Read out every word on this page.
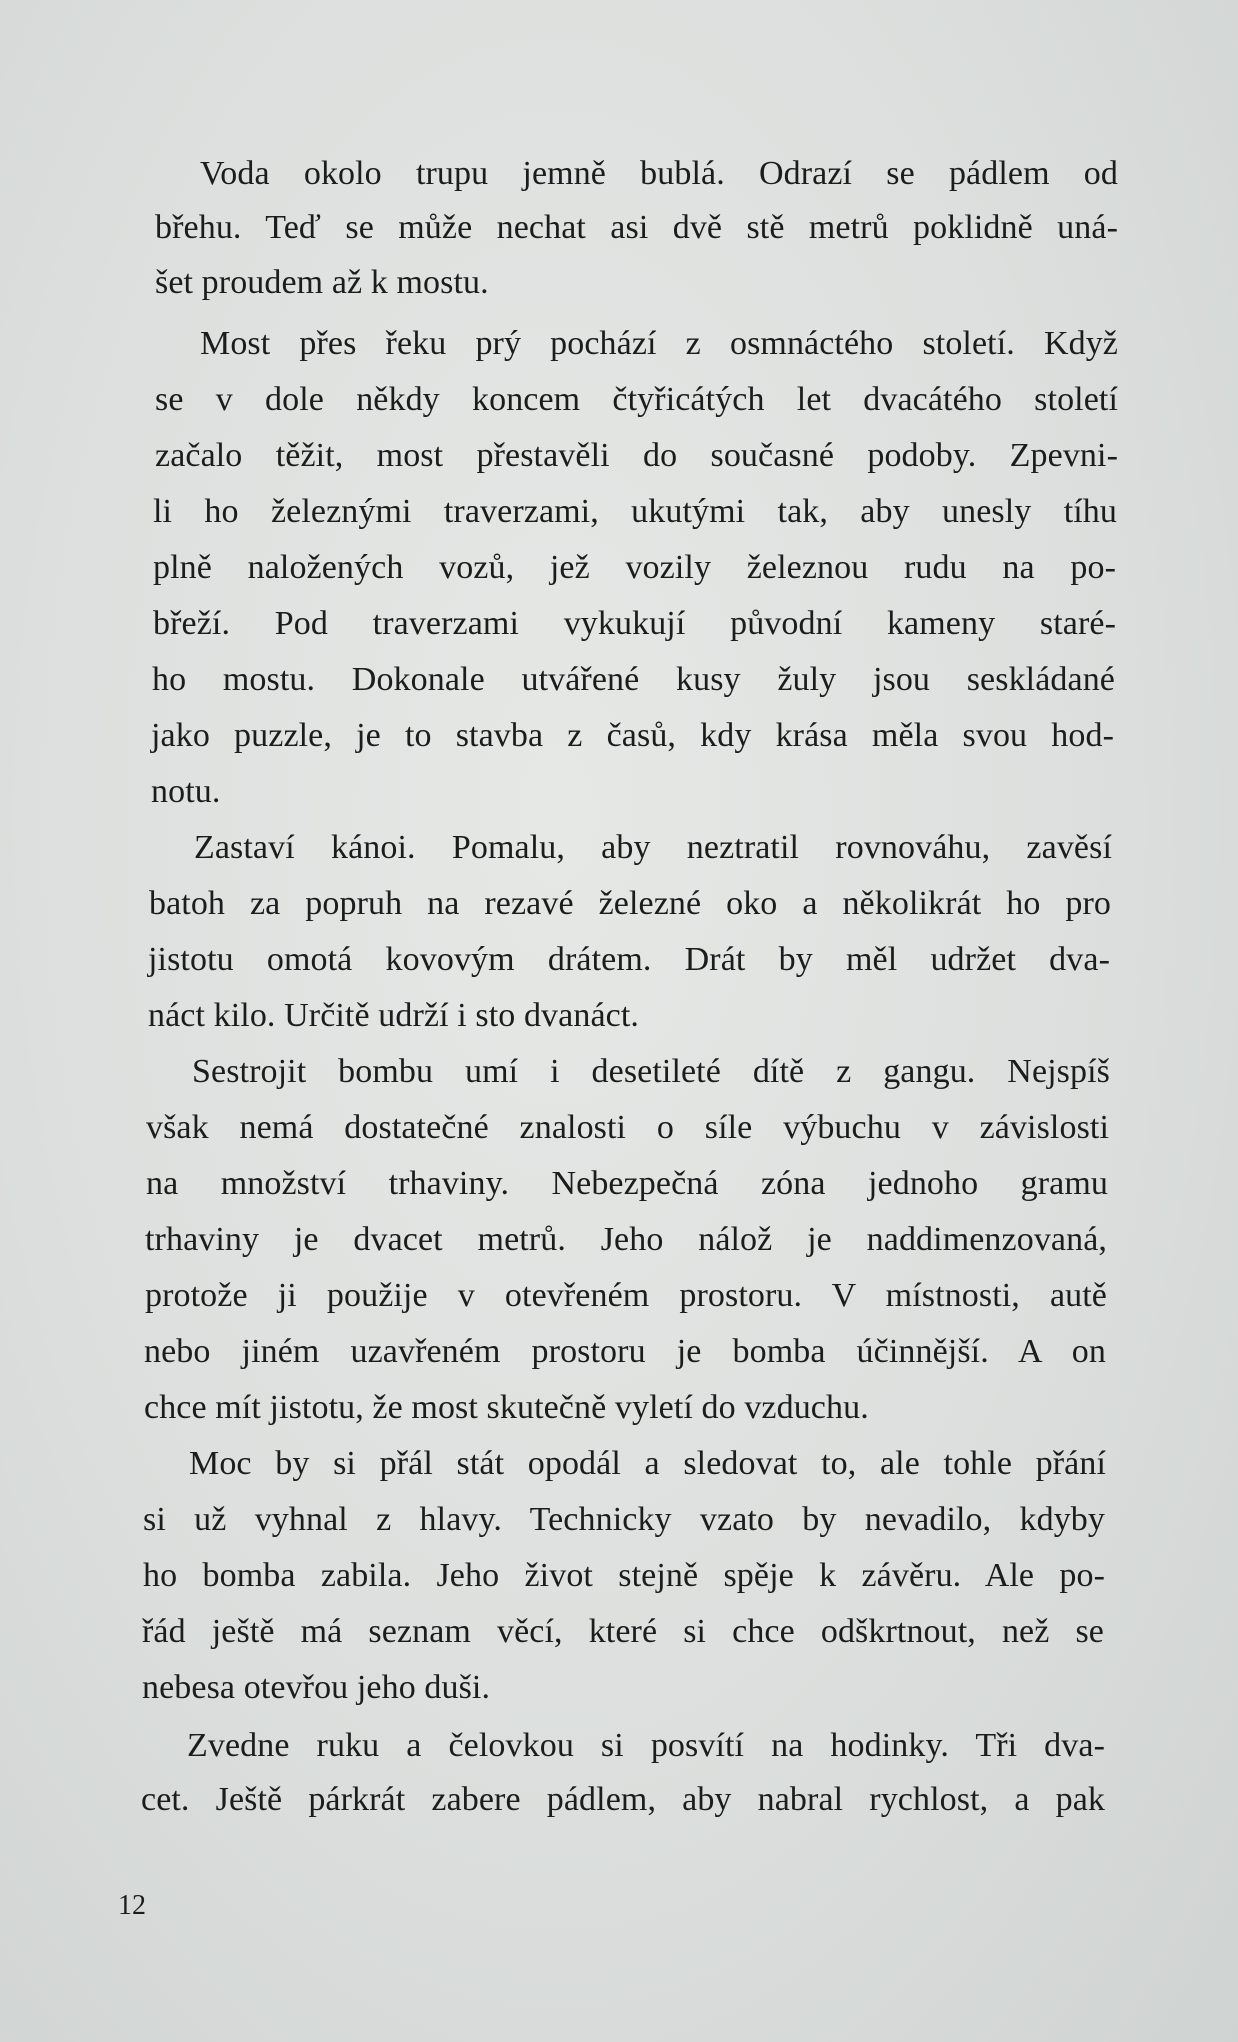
Voda okolo trupu jemně bublá. Odrazí se pádlem od
břehu. Teď se může nechat asi dvě stě metrů poklidně uná-
šet proudem až k mostu.
Most přes řeku prý pochází z osmnáctého století. Když
se v dole někdy koncem čtyřicátých let dvacátého století
začalo těžit, most přestavěli do současné podoby. Zpevni-
li ho železnými traverzami, ukutými tak, aby unesly tíhu
plně naložených vozů, jež vozily železnou rudu na po-
břeží. Pod traverzami vykukují původní kameny staré-
ho mostu. Dokonale utvářené kusy žuly jsou seskládané
jako puzzle, je to stavba z časů, kdy krása měla svou hod-
notu.
Zastaví kánoi. Pomalu, aby neztratil rovnováhu, zavěsí
batoh za popruh na rezavé železné oko a několikrát ho pro
jistotu omotá kovovým drátem. Drát by měl udržet dva-
náct kilo. Určitě udrží i sto dvanáct.
Sestrojit bombu umí i desetileté dítě z gangu. Nejspíš
však nemá dostatečné znalosti o síle výbuchu v závislosti
na množství trhaviny. Nebezpečná zóna jednoho gramu
trhaviny je dvacet metrů. Jeho nálož je naddimenzovaná,
protože ji použije v otevřeném prostoru. V místnosti, autě
nebo jiném uzavřeném prostoru je bomba účinnější. A on
chce mít jistotu, že most skutečně vyletí do vzduchu.
Moc by si přál stát opodál a sledovat to, ale tohle přání
si už vyhnal z hlavy. Technicky vzato by nevadilo, kdyby
ho bomba zabila. Jeho život stejně spěje k závěru. Ale po-
řád ještě má seznam věcí, které si chce odškrtnout, než se
nebesa otevřou jeho duši.
Zvedne ruku a čelovkou si posvítí na hodinky. Tři dva-
cet. Ještě párkrát zabere pádlem, aby nabral rychlost, a pak
12
